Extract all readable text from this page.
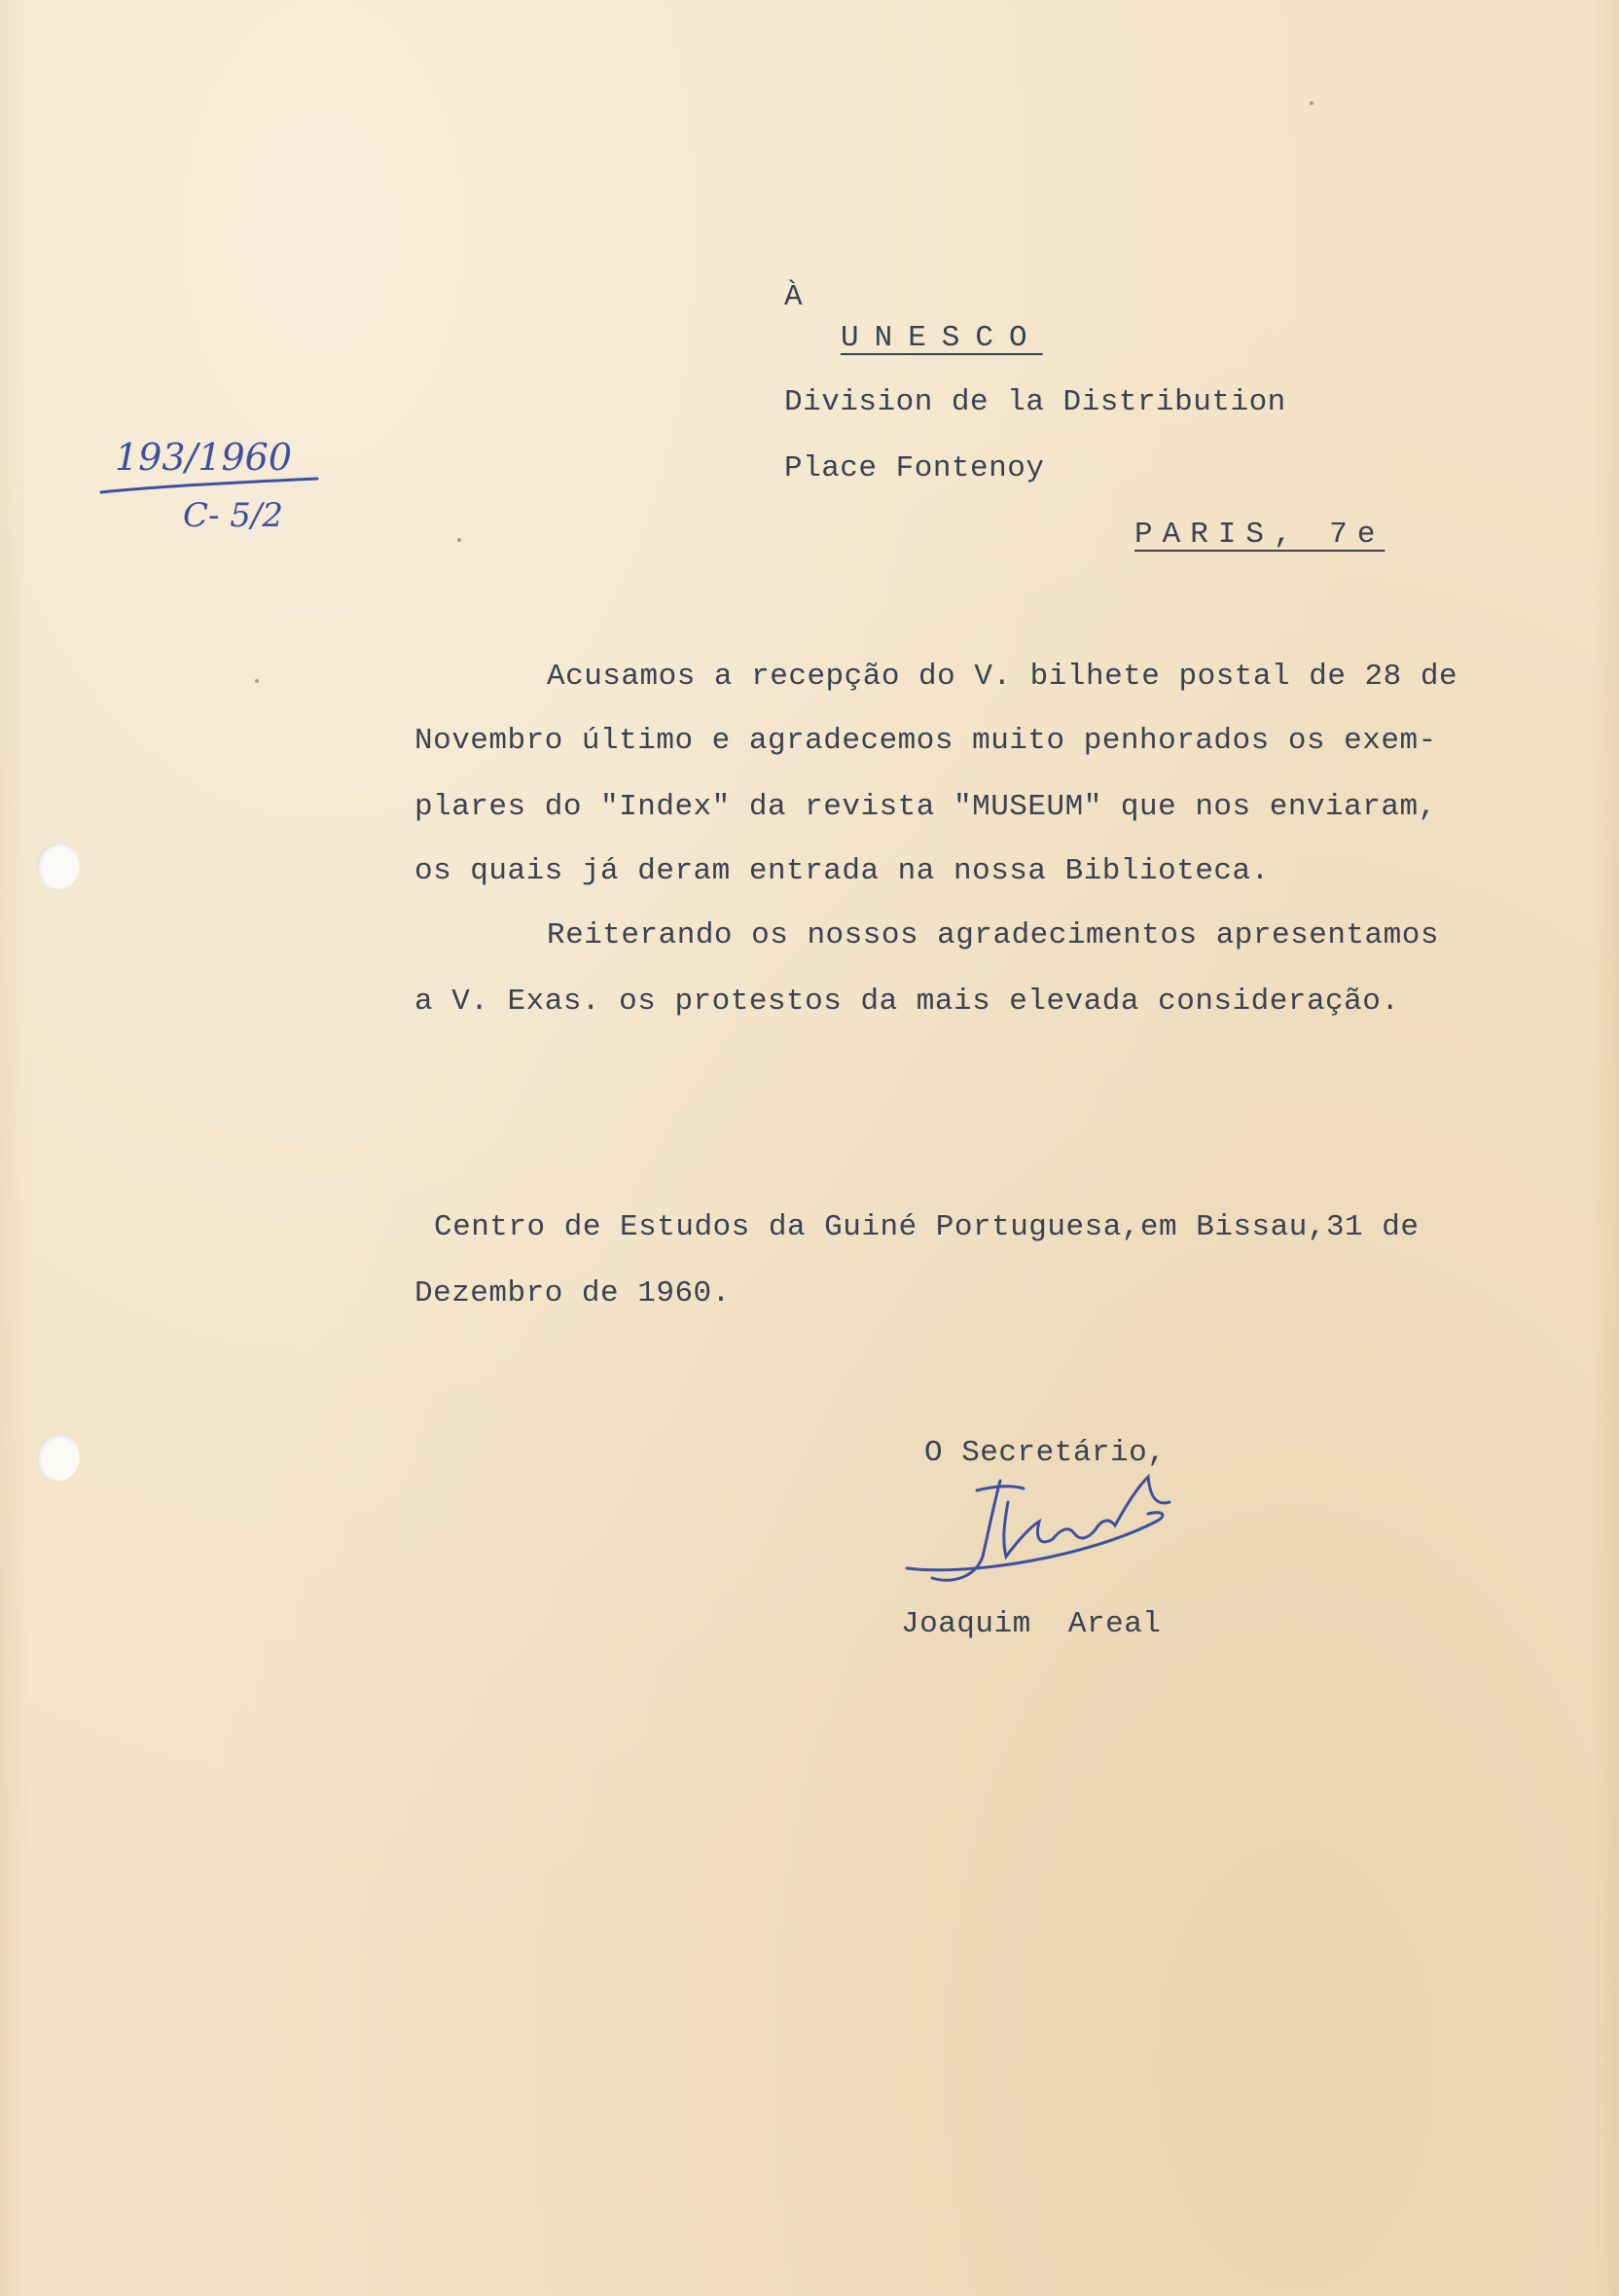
193/1960
C- 5/2
À
UNESCO
Division de la Distribution
Place Fontenoy
PARIS, 7e
Acusamos a recepção do V. bilhete postal de 28 de
Novembro último e agradecemos muito penhorados os exem-
plares do "Index" da revista "MUSEUM" que nos enviaram,
os quais já deram entrada na nossa Biblioteca.
Reiterando os nossos agradecimentos apresentamos
a V. Exas. os protestos da mais elevada consideração.
Centro de Estudos da Guiné Portuguesa,em Bissau,31 de
Dezembro de 1960.
O Secretário,
Joaquim  Areal
